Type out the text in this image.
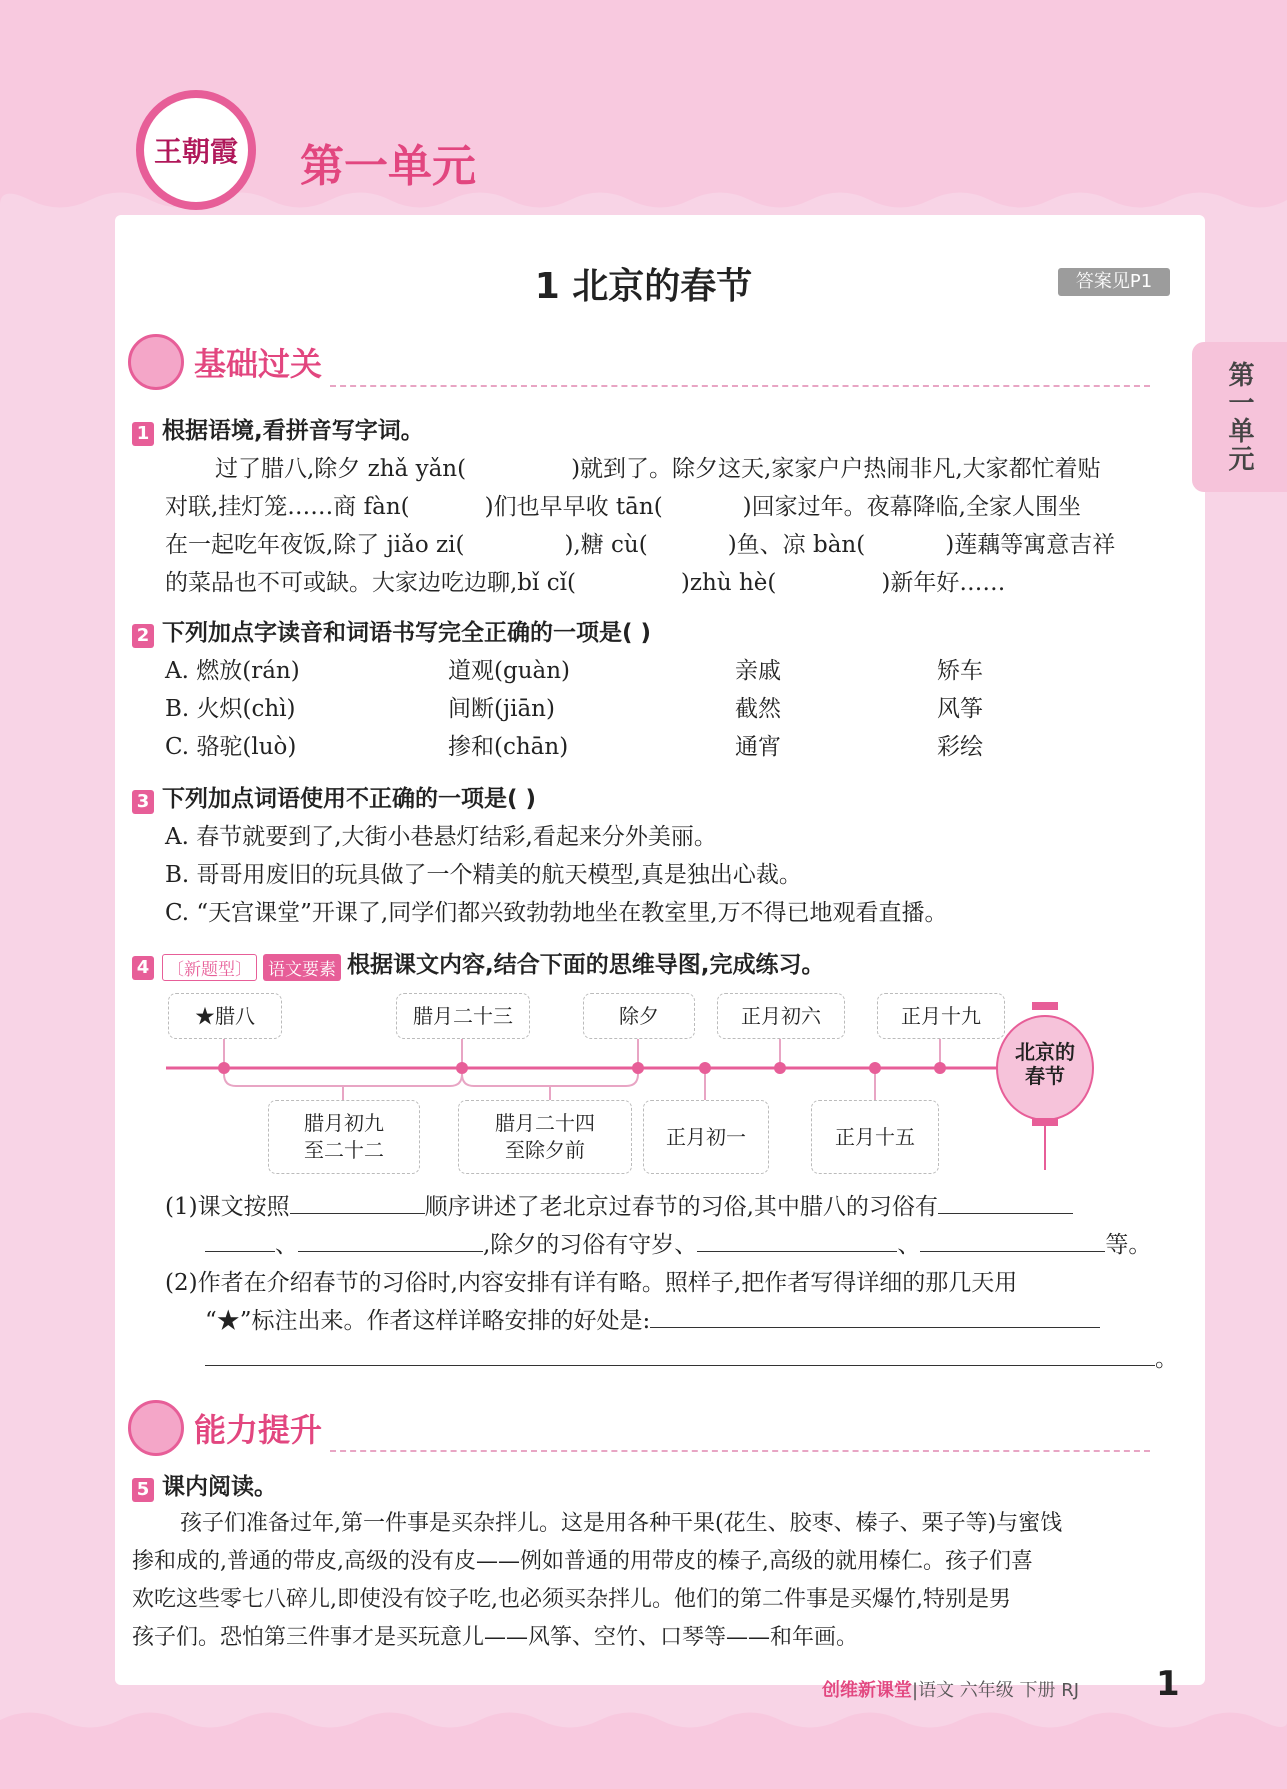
王朝霞 第一单元
第一单元
1 北京的春节	答案见P1
基础过关
1 根据语境,看拼音写字词。
过了腊八,除夕 zhǎ yǎn(	)就到了。除夕这天,家家户户热闹非凡,大家都忙着贴
对联,挂灯笼……商 fàn(	)们也早早收 tān(	)回家过年。夜幕降临,全家人围坐
在一起吃年夜饭,除了 jiǎo zi(	),糖 cù(	)鱼、凉 bàn(	)莲藕等寓意吉祥
的菜品也不可或缺。大家边吃边聊,bǐ cǐ(	)zhù hè(	)新年好……
2 下列加点字读音和词语书写完全正确的一项是( )
A. 燃放(rán)	道观(guàn)	亲戚	矫车
B. 火炽(chì)	间断(jiān)	截然	风筝
C. 骆驼(luò)	掺和(chān)	通宵	彩绘
3 下列加点词语使用不正确的一项是( )
A. 春节就要到了,大街小巷悬灯结彩,看起来分外美丽。
B. 哥哥用废旧的玩具做了一个精美的航天模型,真是独出心裁。
C. “天宫课堂”开课了,同学们都兴致勃勃地坐在教室里,万不得已地观看直播。
4 〔新题型〕 语文要素 根据课文内容,结合下面的思维导图,完成练习。
★腊八	腊月二十三	除夕	正月初六	正月十九
腊月初九
至二十二
腊月二十四
至除夕前
正月初一	正月十五
北京的
春节
(1)课文按照	顺序讲述了老北京过春节的习俗,其中腊八的习俗有
、	,除夕的习俗有守岁、	、	等。
(2)作者在介绍春节的习俗时,内容安排有详有略。照样子,把作者写得详细的那几天用
“★”标注出来。作者这样详略安排的好处是:
。
能力提升
5 课内阅读。
孩子们准备过年,第一件事是买杂拌儿。这是用各种干果(花生、胶枣、榛子、栗子等)与蜜饯
掺和成的,普通的带皮,高级的没有皮——例如普通的用带皮的榛子,高级的就用榛仁。孩子们喜
欢吃这些零七八碎儿,即使没有饺子吃,也必须买杂拌儿。他们的第二件事是买爆竹,特别是男
孩子们。恐怕第三件事才是买玩意儿——风筝、空竹、口琴等——和年画。
创维新课堂|语文 六年级 下册 RJ 1
